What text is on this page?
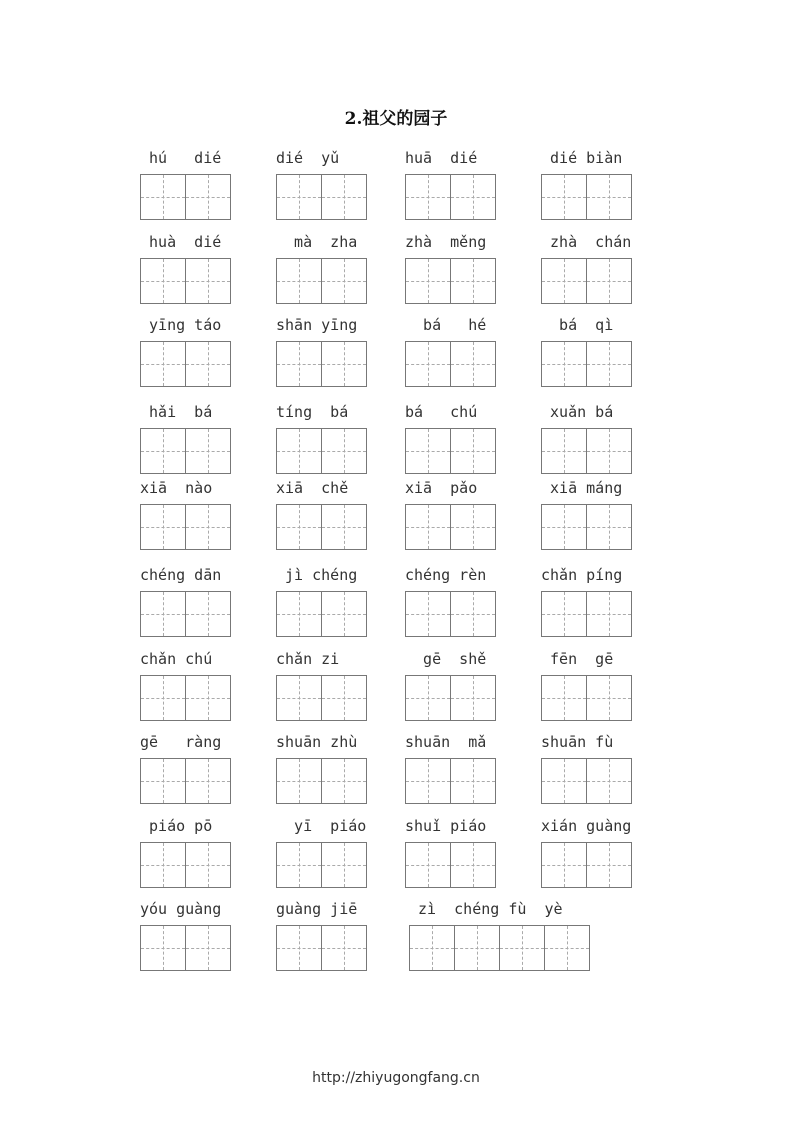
2.祖父的园子
hú   dié	dié  yǔ	huā  dié	dié biàn
huà  dié	mà  zha	zhà  měng	zhà  chán
yīng táo	shān yīng	bá   hé	bá  qì
hǎi  bá	tíng  bá	bá   chú	xuǎn bá
xiā  nào	xiā  chě	xiā  pǎo	xiā máng
chéng dān	jì chéng	chéng rèn	chǎn píng
chǎn chú	chǎn zi	gē  shě	fēn  gē
gē   ràng	shuān zhù	shuān  mǎ	shuān fù
piáo pō	yī  piáo	shuǐ piáo	xián guàng
yóu guàng	guàng jiē	zì  chéng fù  yè
http://zhiyugongfang.cn
